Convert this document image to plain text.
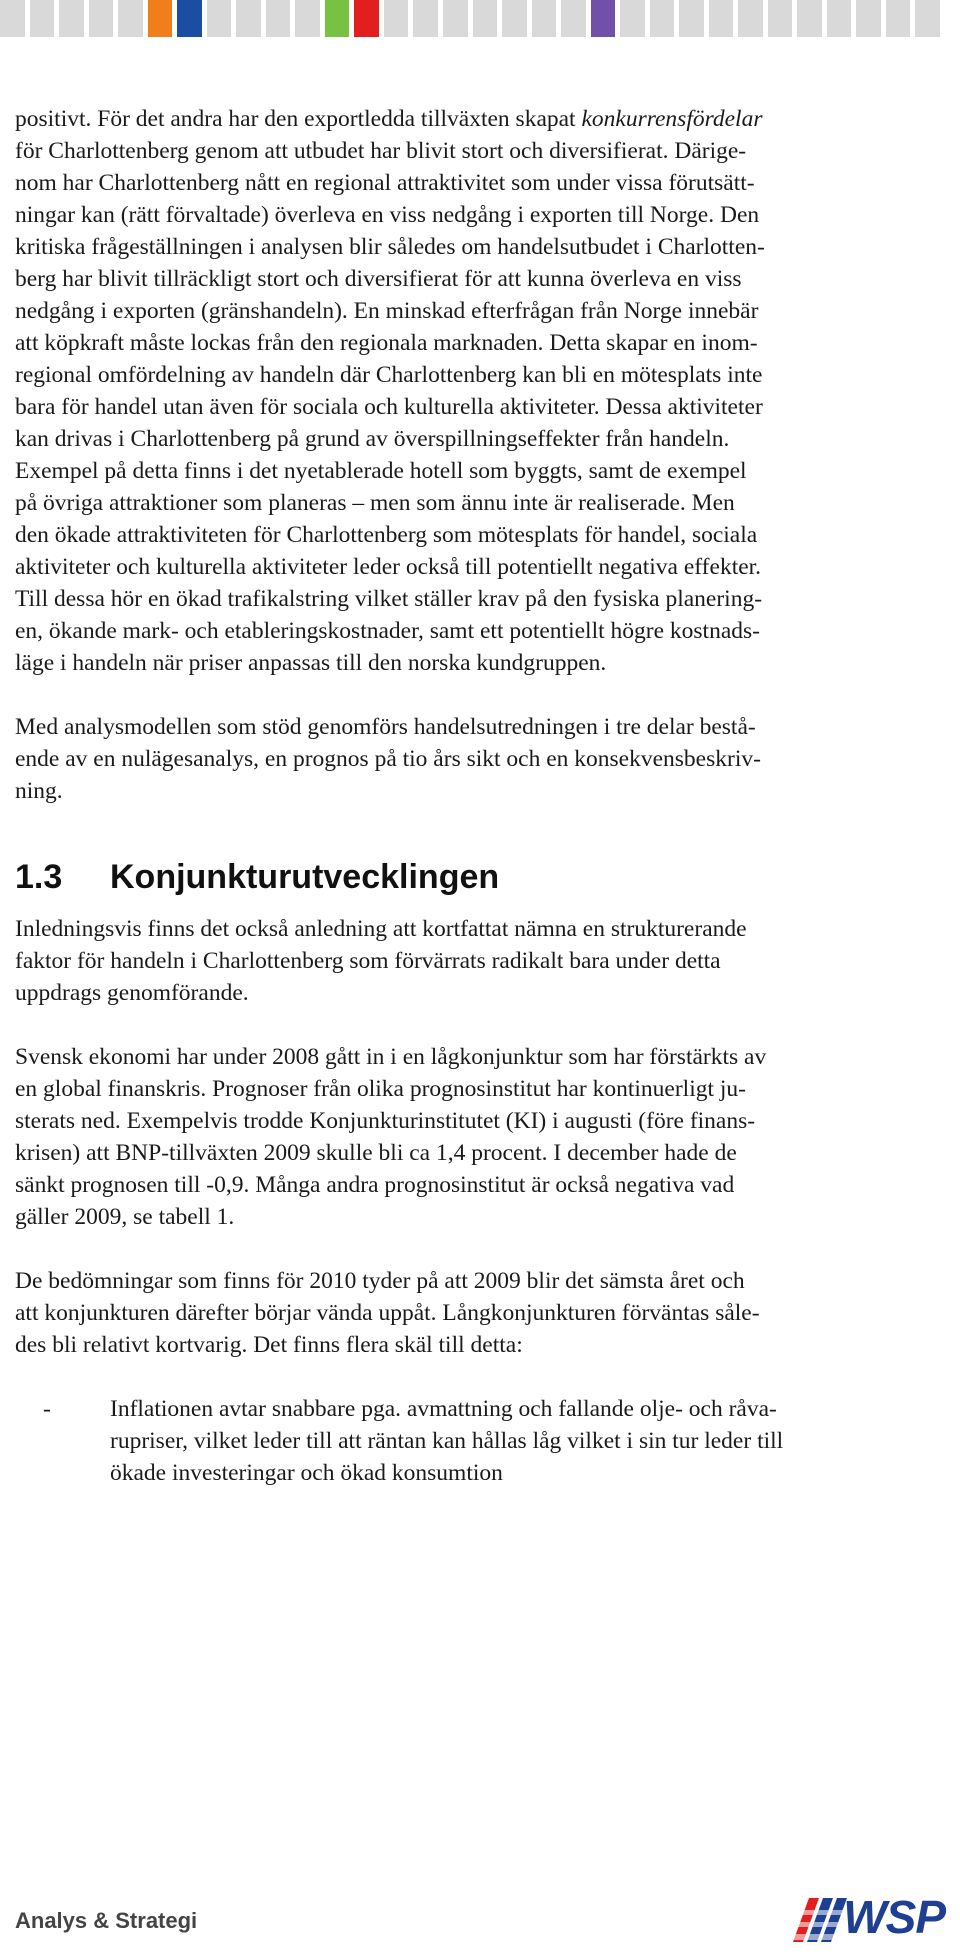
positivt. För det andra har den exportledda tillväxten skapat konkurrensfördelar
för Charlottenberg genom att utbudet har blivit stort och diversifierat. Därige-
nom har Charlottenberg nått en regional attraktivitet som under vissa förutsätt-
ningar kan (rätt förvaltade) överleva en viss nedgång i exporten till Norge. Den
kritiska frågeställningen i analysen blir således om handelsutbudet i Charlotten-
berg har blivit tillräckligt stort och diversifierat för att kunna överleva en viss
nedgång i exporten (gränshandeln). En minskad efterfrågan från Norge innebär
att köpkraft måste lockas från den regionala marknaden. Detta skapar en inom-
regional omfördelning av handeln där Charlottenberg kan bli en mötesplats inte
bara för handel utan även för sociala och kulturella aktiviteter. Dessa aktiviteter
kan drivas i Charlottenberg på grund av överspillningseffekter från handeln.
Exempel på detta finns i det nyetablerade hotell som byggts, samt de exempel
på övriga attraktioner som planeras – men som ännu inte är realiserade. Men
den ökade attraktiviteten för Charlottenberg som mötesplats för handel, sociala
aktiviteter och kulturella aktiviteter leder också till potentiellt negativa effekter.
Till dessa hör en ökad trafikalstring vilket ställer krav på den fysiska planering-
en, ökande mark- och etableringskostnader, samt ett potentiellt högre kostnads-
läge i handeln när priser anpassas till den norska kundgruppen.

Med analysmodellen som stöd genomförs handelsutredningen i tre delar bestå-
ende av en nulägesanalys, en prognos på tio års sikt och en konsekvensbeskriv-
ning.

1.3	Konjunkturutvecklingen

Inledningsvis finns det också anledning att kortfattat nämna en strukturerande
faktor för handeln i Charlottenberg som förvärrats radikalt bara under detta
uppdrags genomförande.

Svensk ekonomi har under 2008 gått in i en lågkonjunktur som har förstärkts av
en global finanskris. Prognoser från olika prognosinstitut har kontinuerligt ju-
sterats ned. Exempelvis trodde Konjunkturinstitutet (KI) i augusti (före finans-
krisen) att BNP-tillväxten 2009 skulle bli ca 1,4 procent. I december hade de
sänkt prognosen till -0,9. Många andra prognosinstitut är också negativa vad
gäller 2009, se tabell 1.

De bedömningar som finns för 2010 tyder på att 2009 blir det sämsta året och
att konjunkturen därefter börjar vända uppåt. Långkonjunkturen förväntas såle-
des bli relativt kortvarig. Det finns flera skäl till detta:

-	Inflationen avtar snabbare pga. avmattning och fallande olje- och råva-
rupriser, vilket leder till att räntan kan hållas låg vilket i sin tur leder till
ökade investeringar och ökad konsumtion
Analys & Strategi	WSP
